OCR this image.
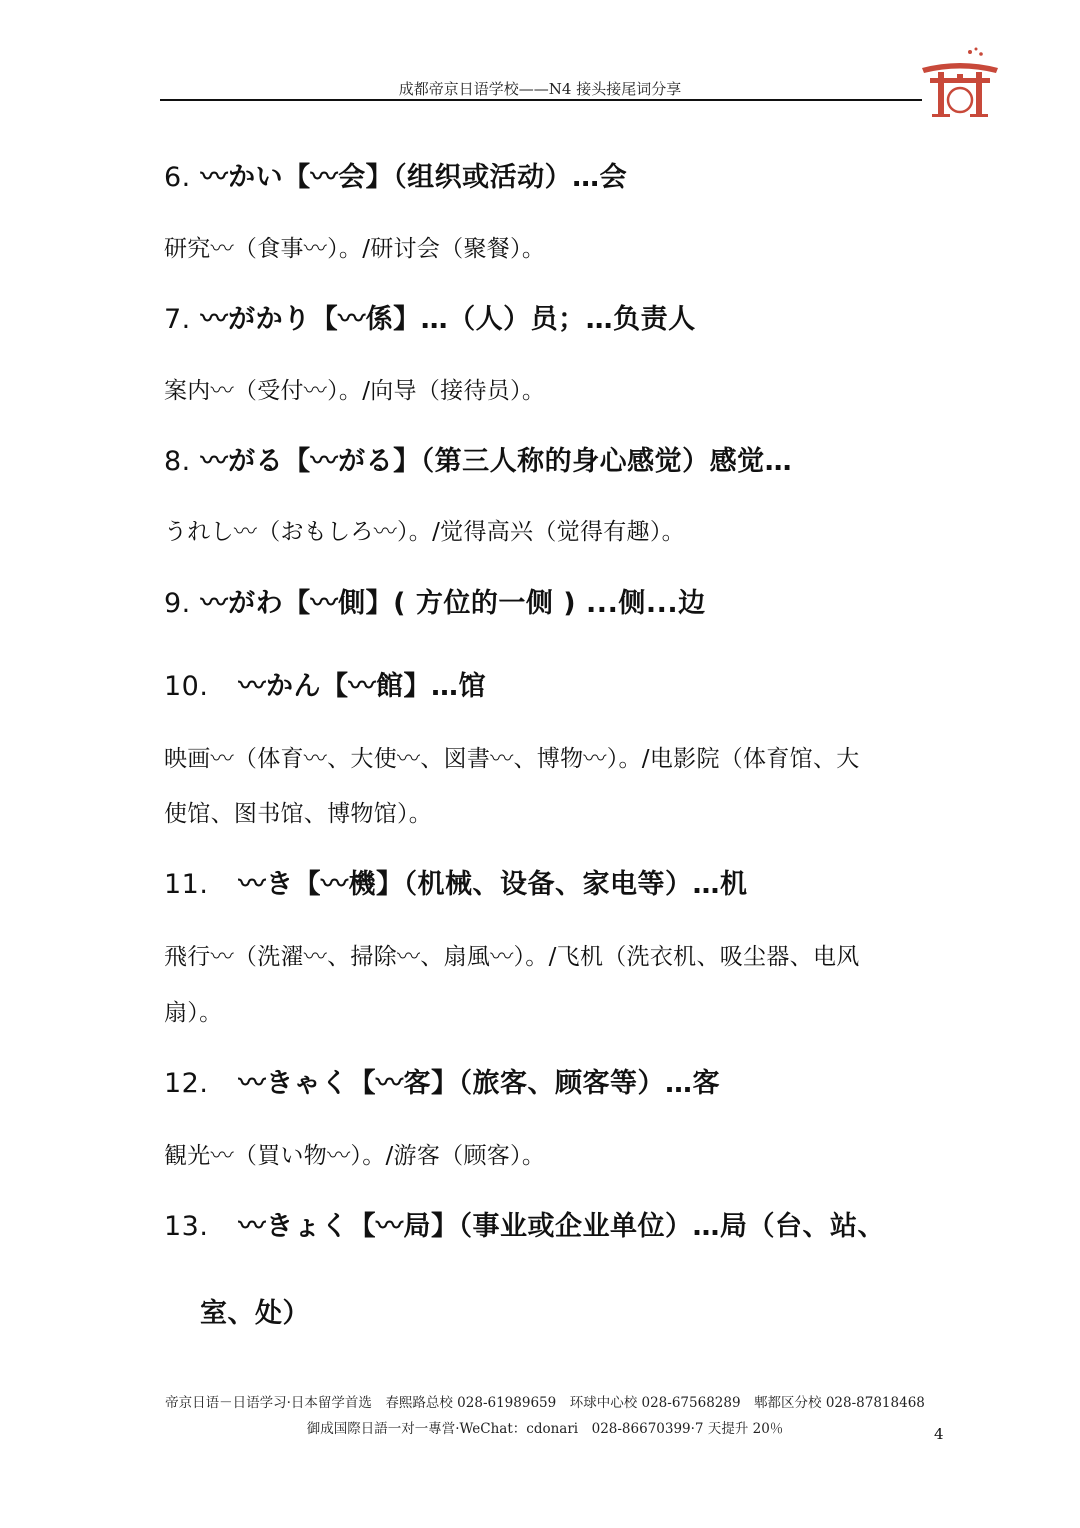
成都帝京日语学校——N4 接头接尾词分享
6. 〰かい【〰会】（组织或活动）…会
研究〰（食事〰）。/研讨会（聚餐）。
7. 〰がかり【〰係】…（人）员；…负责人
案内〰（受付〰）。/向导（接待员）。
8. 〰がる【〰がる】（第三人称的身心感觉）感觉…
うれし〰（おもしろ〰）。/觉得高兴（觉得有趣）。
9. 〰がわ【〰側】( 方位的一侧 ) ...侧...边
10. 〰かん【〰館】…馆
映画〰（体育〰、大使〰、図書〰、博物〰）。/电影院（体育馆、大
使馆、图书馆、博物馆）。
11. 〰き【〰機】（机械、设备、家电等）…机
飛行〰（洗濯〰、掃除〰、扇風〰）。/飞机（洗衣机、吸尘器、电风
扇）。
12. 〰きゃく【〰客】（旅客、顾客等）…客
観光〰（買い物〰）。/游客（顾客）。
13. 〰きょく【〰局】（事业或企业单位）…局（台、站、
室、处）
帝京日语－日语学习·日本留学首选　春熙路总校 028-61989659　环球中心校 028-67568289　郫都区分校 028-87818468
御成国際日語一对一專営·WeChat：cdonari　028-86670399·7 天提升 20％	4
